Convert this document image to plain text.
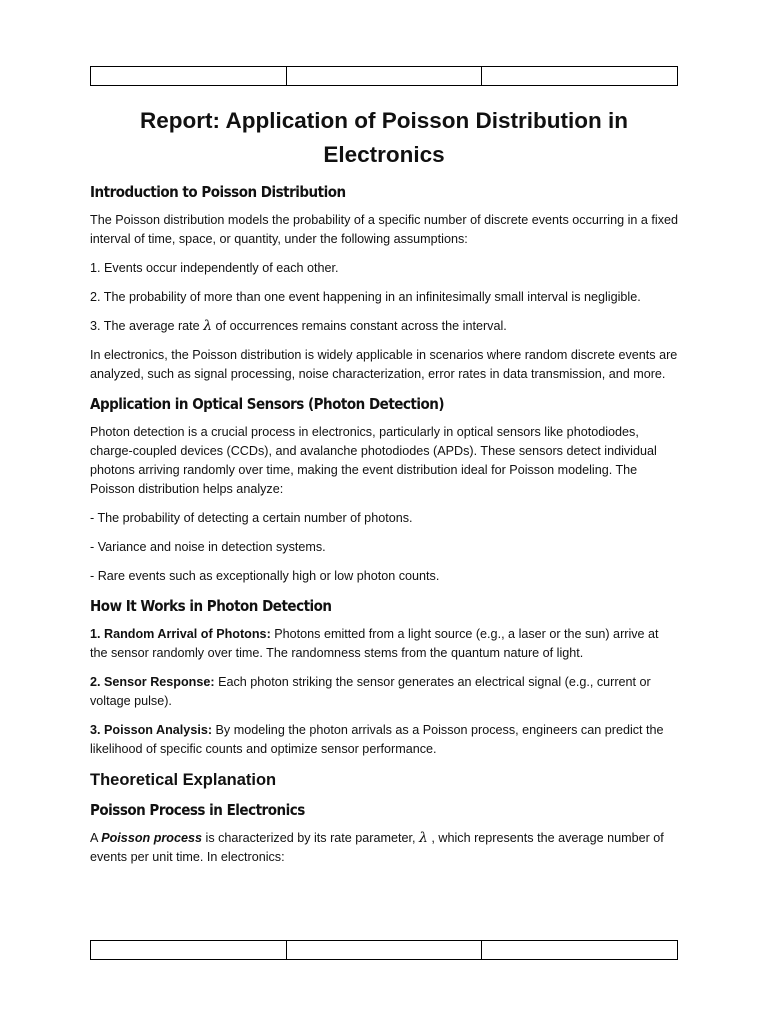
Report: Application of Poisson Distribution in Electronics
Introduction to Poisson Distribution

The Poisson distribution models the probability of a specific number of discrete events occurring in a fixed interval of time, space, or quantity, under the following assumptions:

1. Events occur independently of each other.

2. The probability of more than one event happening in an infinitesimally small interval is negligible.

3. The average rate λ of occurrences remains constant across the interval.

In electronics, the Poisson distribution is widely applicable in scenarios where random discrete events are analyzed, such as signal processing, noise characterization, error rates in data transmission, and more.

Application in Optical Sensors (Photon Detection)

Photon detection is a crucial process in electronics, particularly in optical sensors like photodiodes, charge-coupled devices (CCDs), and avalanche photodiodes (APDs). These sensors detect individual photons arriving randomly over time, making the event distribution ideal for Poisson modeling. The Poisson distribution helps analyze:

- The probability of detecting a certain number of photons.

- Variance and noise in detection systems.

- Rare events such as exceptionally high or low photon counts.

How It Works in Photon Detection

1. Random Arrival of Photons: Photons emitted from a light source (e.g., a laser or the sun) arrive at the sensor randomly over time. The randomness stems from the quantum nature of light.

2. Sensor Response: Each photon striking the sensor generates an electrical signal (e.g., current or voltage pulse).

3. Poisson Analysis: By modeling the photon arrivals as a Poisson process, engineers can predict the likelihood of specific counts and optimize sensor performance.

Theoretical Explanation
Poisson Process in Electronics

A Poisson process is characterized by its rate parameter, λ , which represents the average number of events per unit time. In electronics:
